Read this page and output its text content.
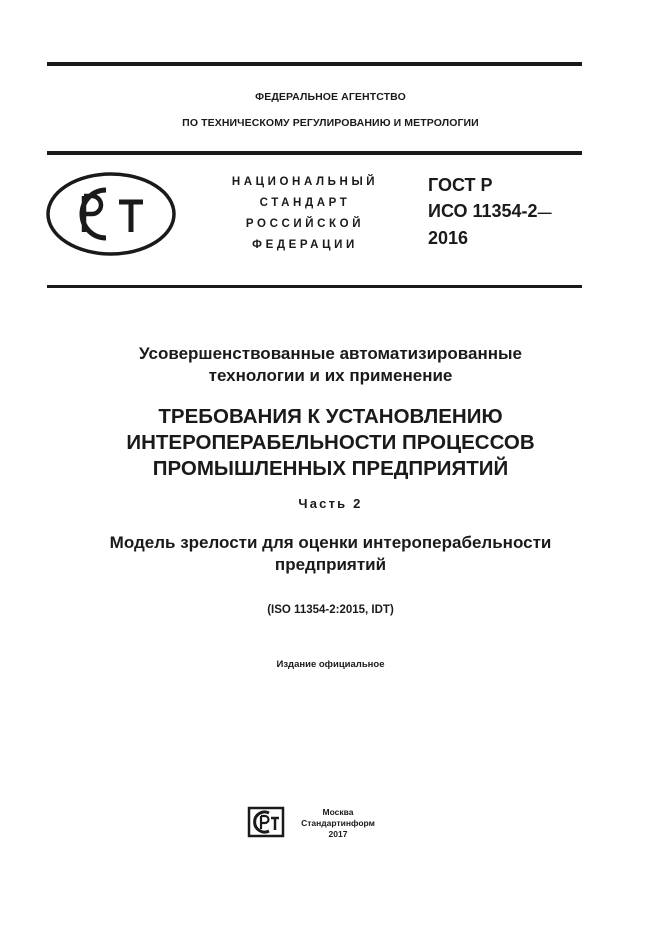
ФЕДЕРАЛЬНОЕ АГЕНТСТВО
ПО ТЕХНИЧЕСКОМУ РЕГУЛИРОВАНИЮ И МЕТРОЛОГИИ
НАЦИОНАЛЬНЫЙ
СТАНДАРТ
РОССИЙСКОЙ
ФЕДЕРАЦИИ
ГОСТ Р
ИСО 11354-2—
2016
Усовершенствованные автоматизированные
технологии и их применение
ТРЕБОВАНИЯ К УСТАНОВЛЕНИЮ
ИНТЕРОПЕРАБЕЛЬНОСТИ ПРОЦЕССОВ
ПРОМЫШЛЕННЫХ ПРЕДПРИЯТИЙ
Часть 2
Модель зрелости для оценки интероперабельности
предприятий
(ISO 11354-2:2015, IDT)
Издание официальное
Москва
Стандартинформ
2017
